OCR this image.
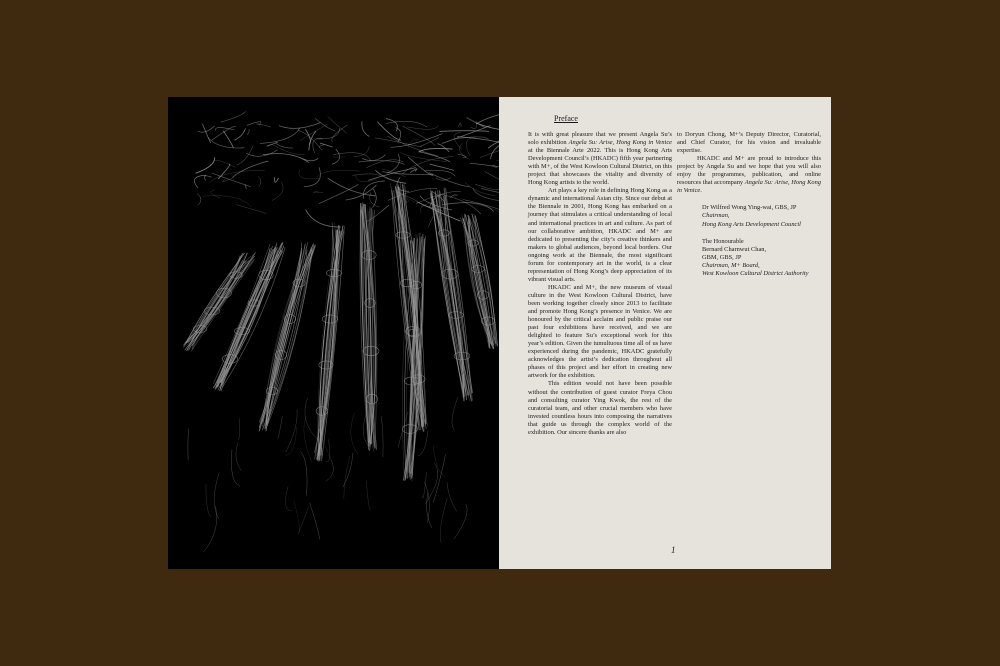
Preface

It is with great pleasure that we present Angela Su’s solo exhibition Angela Su: Arise, Hong Kong in Venice at the Biennale Arte 2022. This is Hong Kong Arts Development Council’s (HKADC) fifth year partnering with M+, of the West Kowloon Cultural District, on this project that showcases the vitality and diversity of Hong Kong artists to the world.

Art plays a key role in defining Hong Kong as a dynamic and international Asian city. Since our debut at the Biennale in 2001, Hong Kong has embarked on a journey that stimulates a critical understanding of local and international practices in art and culture. As part of our collaborative ambition, HKADC and M+ are dedicated to presenting the city’s creative thinkers and makers to global audiences, beyond local borders. Our ongoing work at the Biennale, the most significant forum for contemporary art in the world, is a clear representation of Hong Kong’s deep appreciation of its vibrant visual arts.

HKADC and M+, the new museum of visual culture in the West Kowloon Cultural District, have been working together closely since 2013 to facilitate and promote Hong Kong’s presence in Venice. We are honoured by the critical acclaim and public praise our past four exhibitions have received, and we are delighted to feature Su’s exceptional work for this year’s edition. Given the tumultuous time all of us have experienced during the pandemic, HKADC gratefully acknowledges the artist’s dedication throughout all phases of this project and her effort in creating new artwork for the exhibition.

This edition would not have been possible without the contribution of guest curator Freya Chou and consulting curator Ying Kwok, the rest of the curatorial team, and other crucial members who have invested countless hours into composing the narratives that guide us through the complex world of the exhibition. Our sincere thanks are also

to Doryun Chong, M+’s Deputy Director, Curatorial, and Chief Curator, for his vision and invaluable expertise.

HKADC and M+ are proud to introduce this project by Angela Su and we hope that you will also enjoy the programmes, publication, and online resources that accompany Angela Su: Arise, Hong Kong in Venice.

Dr Wilfred Wong Ying-wai, GBS, JP
Chairman,
Hong Kong Arts Development Council
The Honourable
Bernard Charnwut Chan,
GBM, GBS, JP
Chairman, M+ Board,
West Kowloon Cultural District Authority
1
